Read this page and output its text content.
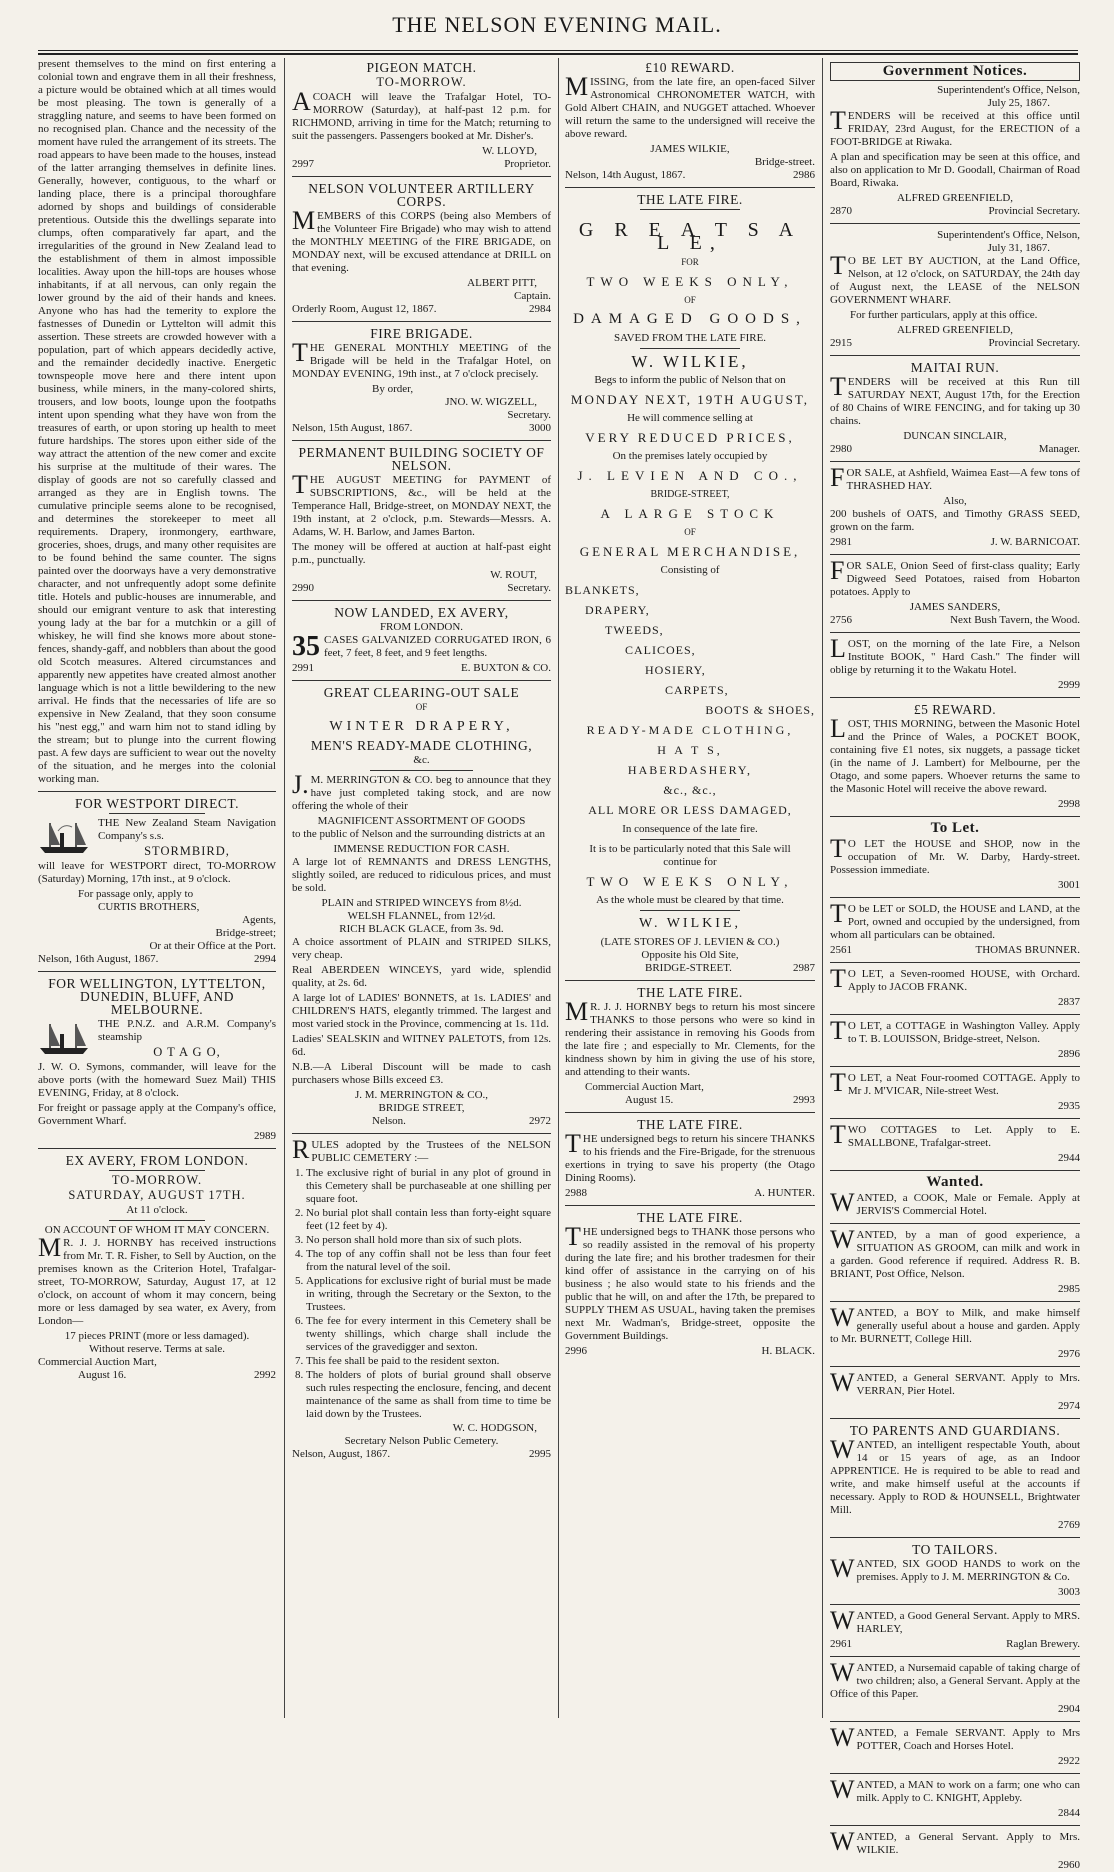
THE NELSON EVENING MAIL.

present themselves to the mind on first entering a colonial town and engrave them in all their freshness, a picture would be obtained which at all times would be most pleasing. The town is generally of a straggling nature, and seems to have been formed on no recognised plan. Chance and the necessity of the moment have ruled the arrangement of its streets. The road appears to have been made to the houses, instead of the latter arranging themselves in definite lines. Generally, however, contiguous, to the wharf or landing place, there is a principal thoroughfare adorned by shops and buildings of considerable pretentious. Outside this the dwellings separate into clumps, often comparatively far apart, and the irregularities of the ground in New Zealand lead to the establishment of them in almost impossible localities. Away upon the hill-tops are houses whose inhabitants, if at all nervous, can only regain the lower ground by the aid of their hands and knees. Anyone who has had the temerity to explore the fastnesses of Dunedin or Lyttelton will admit this assertion. These streets are crowded however with a population, part of which appears decidedly active, and the remainder decidedly inactive. Energetic townspeople move here and there intent upon business, while miners, in the many-colored shirts, trousers, and low boots, lounge upon the footpaths intent upon spending what they have won from the treasures of earth, or upon storing up health to meet future hardships. The stores upon either side of the way attract the attention of the new comer and excite his surprise at the multitude of their wares. The display of goods are not so carefully classed and arranged as they are in English towns. The cumulative principle seems alone to be recognised, and determines the storekeeper to meet all requirements. Drapery, ironmongery, earthware, groceries, shoes, drugs, and many other requisites are to be found behind the same counter. The signs painted over the doorways have a very demonstrative character, and not unfrequently adopt some definite title. Hotels and public-houses are innumerable, and should our emigrant venture to ask that interesting young lady at the bar for a mutchkin or a gill of whiskey, he will find she knows more about stone-fences, shandy-gaff, and nobblers than about the good old Scotch measures. Altered circumstances and apparently new appetites have created almost another language which is not a little bewildering to the new arrival. He finds that the necessaries of life are so expensive in New Zealand, that they soon consume his "nest egg," and warn him not to stand idling by the stream; but to plunge into the current flowing past. A few days are sufficient to wear out the novelty of the situation, and he merges into the colonial working man.

FOR WESTPORT DIRECT.

THE New Zealand Steam Navigation Company's s.s.

STORMBIRD,

will leave for WESTPORT direct, TO-MORROW (Saturday) Morning, 17th inst., at 9 o'clock.

For passage only, apply to
CURTIS BROTHERS,
Agents,
Bridge-street;
Or at their Office at the Port.
Nelson, 16th August, 1867.	2994
FOR WELLINGTON, LYTTELTON, DUNEDIN, BLUFF, AND MELBOURNE.

THE P.N.Z. and A.R.M. Company's steamship

O T A G O,

J. W. O. Symons, commander, will leave for the above ports (with the homeward Suez Mail) THIS EVENING, Friday, at 8 o'clock.

For freight or passage apply at the Company's office, Government Wharf.

2989
EX AVERY, FROM LONDON.
TO-MORROW.
SATURDAY, AUGUST 17TH.
At 11 o'clock.
ON ACCOUNT OF WHOM IT MAY CONCERN.

MR. J. J. HORNBY has received instructions from Mr. T. R. Fisher, to Sell by Auction, on the premises known as the Criterion Hotel, Trafalgar-street, TO-MORROW, Saturday, August 17, at 12 o'clock, on account of whom it may concern, being more or less damaged by sea water, ex Avery, from London—

17 pieces PRINT (more or less damaged).
Without reserve. Terms at sale.
Commercial Auction Mart,
August 16.	2992
PIGEON MATCH.
TO-MORROW.

ACOACH will leave the Trafalgar Hotel, TO-MORROW (Saturday), at half-past 12 p.m. for RICHMOND, arriving in time for the Match; returning to suit the passengers. Passengers booked at Mr. Disher's.

W. LLOYD,
2997	Proprietor.
NELSON VOLUNTEER ARTILLERY CORPS.

MEMBERS of this CORPS (being also Members of the Volunteer Fire Brigade) who may wish to attend the MONTHLY MEETING of the FIRE BRIGADE, on MONDAY next, will be excused attendance at DRILL on that evening.

ALBERT PITT,
Captain.
Orderly Room, August 12, 1867.	2984
FIRE BRIGADE.

THE GENERAL MONTHLY MEETING of the Brigade will be held in the Trafalgar Hotel, on MONDAY EVENING, 19th inst., at 7 o'clock precisely.

By order,
JNO. W. WIGZELL,
Secretary.
Nelson, 15th August, 1867.	3000
PERMANENT BUILDING SOCIETY OF NELSON.

THE AUGUST MEETING for PAYMENT of SUBSCRIPTIONS, &c., will be held at the Temperance Hall, Bridge-street, on MONDAY NEXT, the 19th instant, at 2 o'clock, p.m. Stewards—Messrs. A. Adams, W. H. Barlow, and James Barton.

The money will be offered at auction at half-past eight p.m., punctually.

W. ROUT,
2990	Secretary.
NOW LANDED, EX AVERY,
FROM LONDON.

35 CASES GALVANIZED CORRUGATED IRON, 6 feet, 7 feet, 8 feet, and 9 feet lengths.

2991	E. BUXTON & CO.
GREAT CLEARING-OUT SALE
OF
WINTER DRAPERY,
MEN'S READY-MADE CLOTHING,
&c.

J.M. MERRINGTON & CO. beg to announce that they have just completed taking stock, and are now offering the whole of their

MAGNIFICENT ASSORTMENT OF GOODS

to the public of Nelson and the surrounding districts at an

IMMENSE REDUCTION FOR CASH.

A large lot of REMNANTS and DRESS LENGTHS, slightly soiled, are reduced to ridiculous prices, and must be sold.

PLAIN and STRIPED WINCEYS from 8½d.
WELSH FLANNEL, from 12½d.
RICH BLACK GLACE, from 3s. 9d.

A choice assortment of PLAIN and STRIPED SILKS, very cheap.

Real ABERDEEN WINCEYS, yard wide, splendid quality, at 2s. 6d.

A large lot of LADIES' BONNETS, at 1s. LADIES' and CHILDREN'S HATS, elegantly trimmed. The largest and most varied stock in the Province, commencing at 1s. 11d.

Ladies' SEALSKIN and WITNEY PALETOTS, from 12s. 6d.

N.B.—A Liberal Discount will be made to cash purchasers whose Bills exceed £3.

J. M. MERRINGTON & CO.,
BRIDGE STREET,
Nelson.	2972

RULES adopted by the Trustees of the NELSON PUBLIC CEMETERY :—

1. The exclusive right of burial in any plot of ground in this Cemetery shall be purchaseable at one shilling per square foot.
2. No burial plot shall contain less than forty-eight square feet (12 feet by 4).
3. No person shall hold more than six of such plots.
4. The top of any coffin shall not be less than four feet from the natural level of the soil.
5. Applications for exclusive right of burial must be made in writing, through the Secretary or the Sexton, to the Trustees.
6. The fee for every interment in this Cemetery shall be twenty shillings, which charge shall include the services of the gravedigger and sexton.
7. This fee shall be paid to the resident sexton.
8. The holders of plots of burial ground shall observe such rules respecting the enclosure, fencing, and decent maintenance of the same as shall from time to time be laid down by the Trustees.
W. C. HODGSON,
Secretary Nelson Public Cemetery.
Nelson, August, 1867.	2995
£10 REWARD.

MISSING, from the late fire, an open-faced Silver Astronomical CHRONOMETER WATCH, with Gold Albert CHAIN, and NUGGET attached. Whoever will return the same to the undersigned will receive the above reward.

JAMES WILKIE,
Bridge-street.
Nelson, 14th August, 1867.	2986
THE LATE FIRE.
G R E A T S A L E,
FOR
TWO WEEKS ONLY,
OF
DAMAGED GOODS,
SAVED FROM THE LATE FIRE.
W. WILKIE,
Begs to inform the public of Nelson that on
MONDAY NEXT, 19TH AUGUST,
He will commence selling at
VERY REDUCED PRICES,
On the premises lately occupied by
J. LEVIEN AND CO.,
BRIDGE-STREET,
A LARGE STOCK
OF
GENERAL MERCHANDISE,
Consisting of
BLANKETS,
DRAPERY,
TWEEDS,
CALICOES,
HOSIERY,
CARPETS,
BOOTS & SHOES,
READY-MADE CLOTHING,
H A T S,
HABERDASHERY,
&c., &c.,
ALL MORE OR LESS DAMAGED,
In consequence of the late fire.
It is to be particularly noted that this Sale will
continue for
TWO WEEKS ONLY,
As the whole must be cleared by that time.
W. WILKIE,
(LATE STORES OF J. LEVIEN & CO.)
Opposite his Old Site,
BRIDGE-STREET.	2987
THE LATE FIRE.

MR. J. J. HORNBY begs to return his most sincere THANKS to those persons who were so kind in rendering their assistance in removing his Goods from the late fire ; and especially to Mr. Clements, for the kindness shown by him in giving the use of his store, and attending to their wants.

Commercial Auction Mart,
August 15.	2993
THE LATE FIRE.

THE undersigned begs to return his sincere THANKS to his friends and the Fire-Brigade, for the strenuous exertions in trying to save his property (the Otago Dining Rooms).

2988	A. HUNTER.
THE LATE FIRE.

THE undersigned begs to THANK those persons who so readily assisted in the removal of his property during the late fire; and his brother tradesmen for their kind offer of assistance in the carrying on of his business ; he also would state to his friends and the public that he will, on and after the 17th, be prepared to SUPPLY THEM AS USUAL, having taken the premises next Mr. Wadman's, Bridge-street, opposite the Government Buildings.

2996	H. BLACK.
Government Notices.
Superintendent's Office, Nelson,
July 25, 1867.

TENDERS will be received at this office until FRIDAY, 23rd August, for the ERECTION of a FOOT-BRIDGE at Riwaka.

A plan and specification may be seen at this office, and also on application to Mr D. Goodall, Chairman of Road Board, Riwaka.

ALFRED GREENFIELD,
2870	Provincial Secretary.
Superintendent's Office, Nelson,
July 31, 1867.

TO BE LET BY AUCTION, at the Land Office, Nelson, at 12 o'clock, on SATURDAY, the 24th day of August next, the LEASE of the NELSON GOVERNMENT WHARF.

For further particulars, apply at this office.

ALFRED GREENFIELD,
2915	Provincial Secretary.
MAITAI RUN.

TENDERS will be received at this Run till SATURDAY NEXT, August 17th, for the Erection of 80 Chains of WIRE FENCING, and for taking up 30 chains.

DUNCAN SINCLAIR,
2980	Manager.

FOR SALE, at Ashfield, Waimea East—A few tons of THRASHED HAY.

Also,

200 bushels of OATS, and Timothy GRASS SEED, grown on the farm.

2981	J. W. BARNICOAT.

FOR SALE, Onion Seed of first-class quality; Early Digweed Seed Potatoes, raised from Hobarton potatoes. Apply to

JAMES SANDERS,
2756	Next Bush Tavern, the Wood.

LOST, on the morning of the late Fire, a Nelson Institute BOOK, " Hard Cash." The finder will oblige by returning it to the Wakatu Hotel.

2999
£5 REWARD.

LOST, THIS MORNING, between the Masonic Hotel and the Prince of Wales, a POCKET BOOK, containing five £1 notes, six nuggets, a passage ticket (in the name of J. Lambert) for Melbourne, per the Otago, and some papers. Whoever returns the same to the Masonic Hotel will receive the above reward.

2998
To Let.

TO LET the HOUSE and SHOP, now in the occupation of Mr. W. Darby, Hardy-street. Possession immediate.

3001

TO be LET or SOLD, the HOUSE and LAND, at the Port, owned and occupied by the undersigned, from whom all particulars can be obtained.

2561	THOMAS BRUNNER.

TO LET, a Seven-roomed HOUSE, with Orchard. Apply to JACOB FRANK.

2837

TO LET, a COTTAGE in Washington Valley. Apply to T. B. LOUISSON, Bridge-street, Nelson.

2896

TO LET, a Neat Four-roomed COTTAGE. Apply to Mr J. M'VICAR, Nile-street West.

2935

TWO COTTAGES to Let. Apply to E. SMALLBONE, Trafalgar-street.

2944
Wanted.

WANTED, a COOK, Male or Female. Apply at JERVIS'S Commercial Hotel.

WANTED, by a man of good experience, a SITUATION AS GROOM, can milk and work in a garden. Good reference if required. Address R. B. BRIANT, Post Office, Nelson.

2985

WANTED, a BOY to Milk, and make himself generally useful about a house and garden. Apply to Mr. BURNETT, College Hill.

2976

WANTED, a General SERVANT. Apply to Mrs. VERRAN, Pier Hotel.

2974
TO PARENTS AND GUARDIANS.

WANTED, an intelligent respectable Youth, about 14 or 15 years of age, as an Indoor APPRENTICE. He is required to be able to read and write, and make himself useful at the accounts if necessary. Apply to ROD & HOUNSELL, Brightwater Mill.

2769
TO TAILORS.

WANTED, SIX GOOD HANDS to work on the premises. Apply to J. M. MERRINGTON & Co.

3003

WANTED, a Good General Servant. Apply to MRS. HARLEY,

2961	Raglan Brewery.

WANTED, a Nursemaid capable of taking charge of two children; also, a General Servant. Apply at the Office of this Paper.

2904

WANTED, a Female SERVANT. Apply to Mrs POTTER, Coach and Horses Hotel.

2922

WANTED, a MAN to work on a farm; one who can milk. Apply to C. KNIGHT, Appleby.

2844

WANTED, a General Servant. Apply to Mrs. WILKIE.

2960
